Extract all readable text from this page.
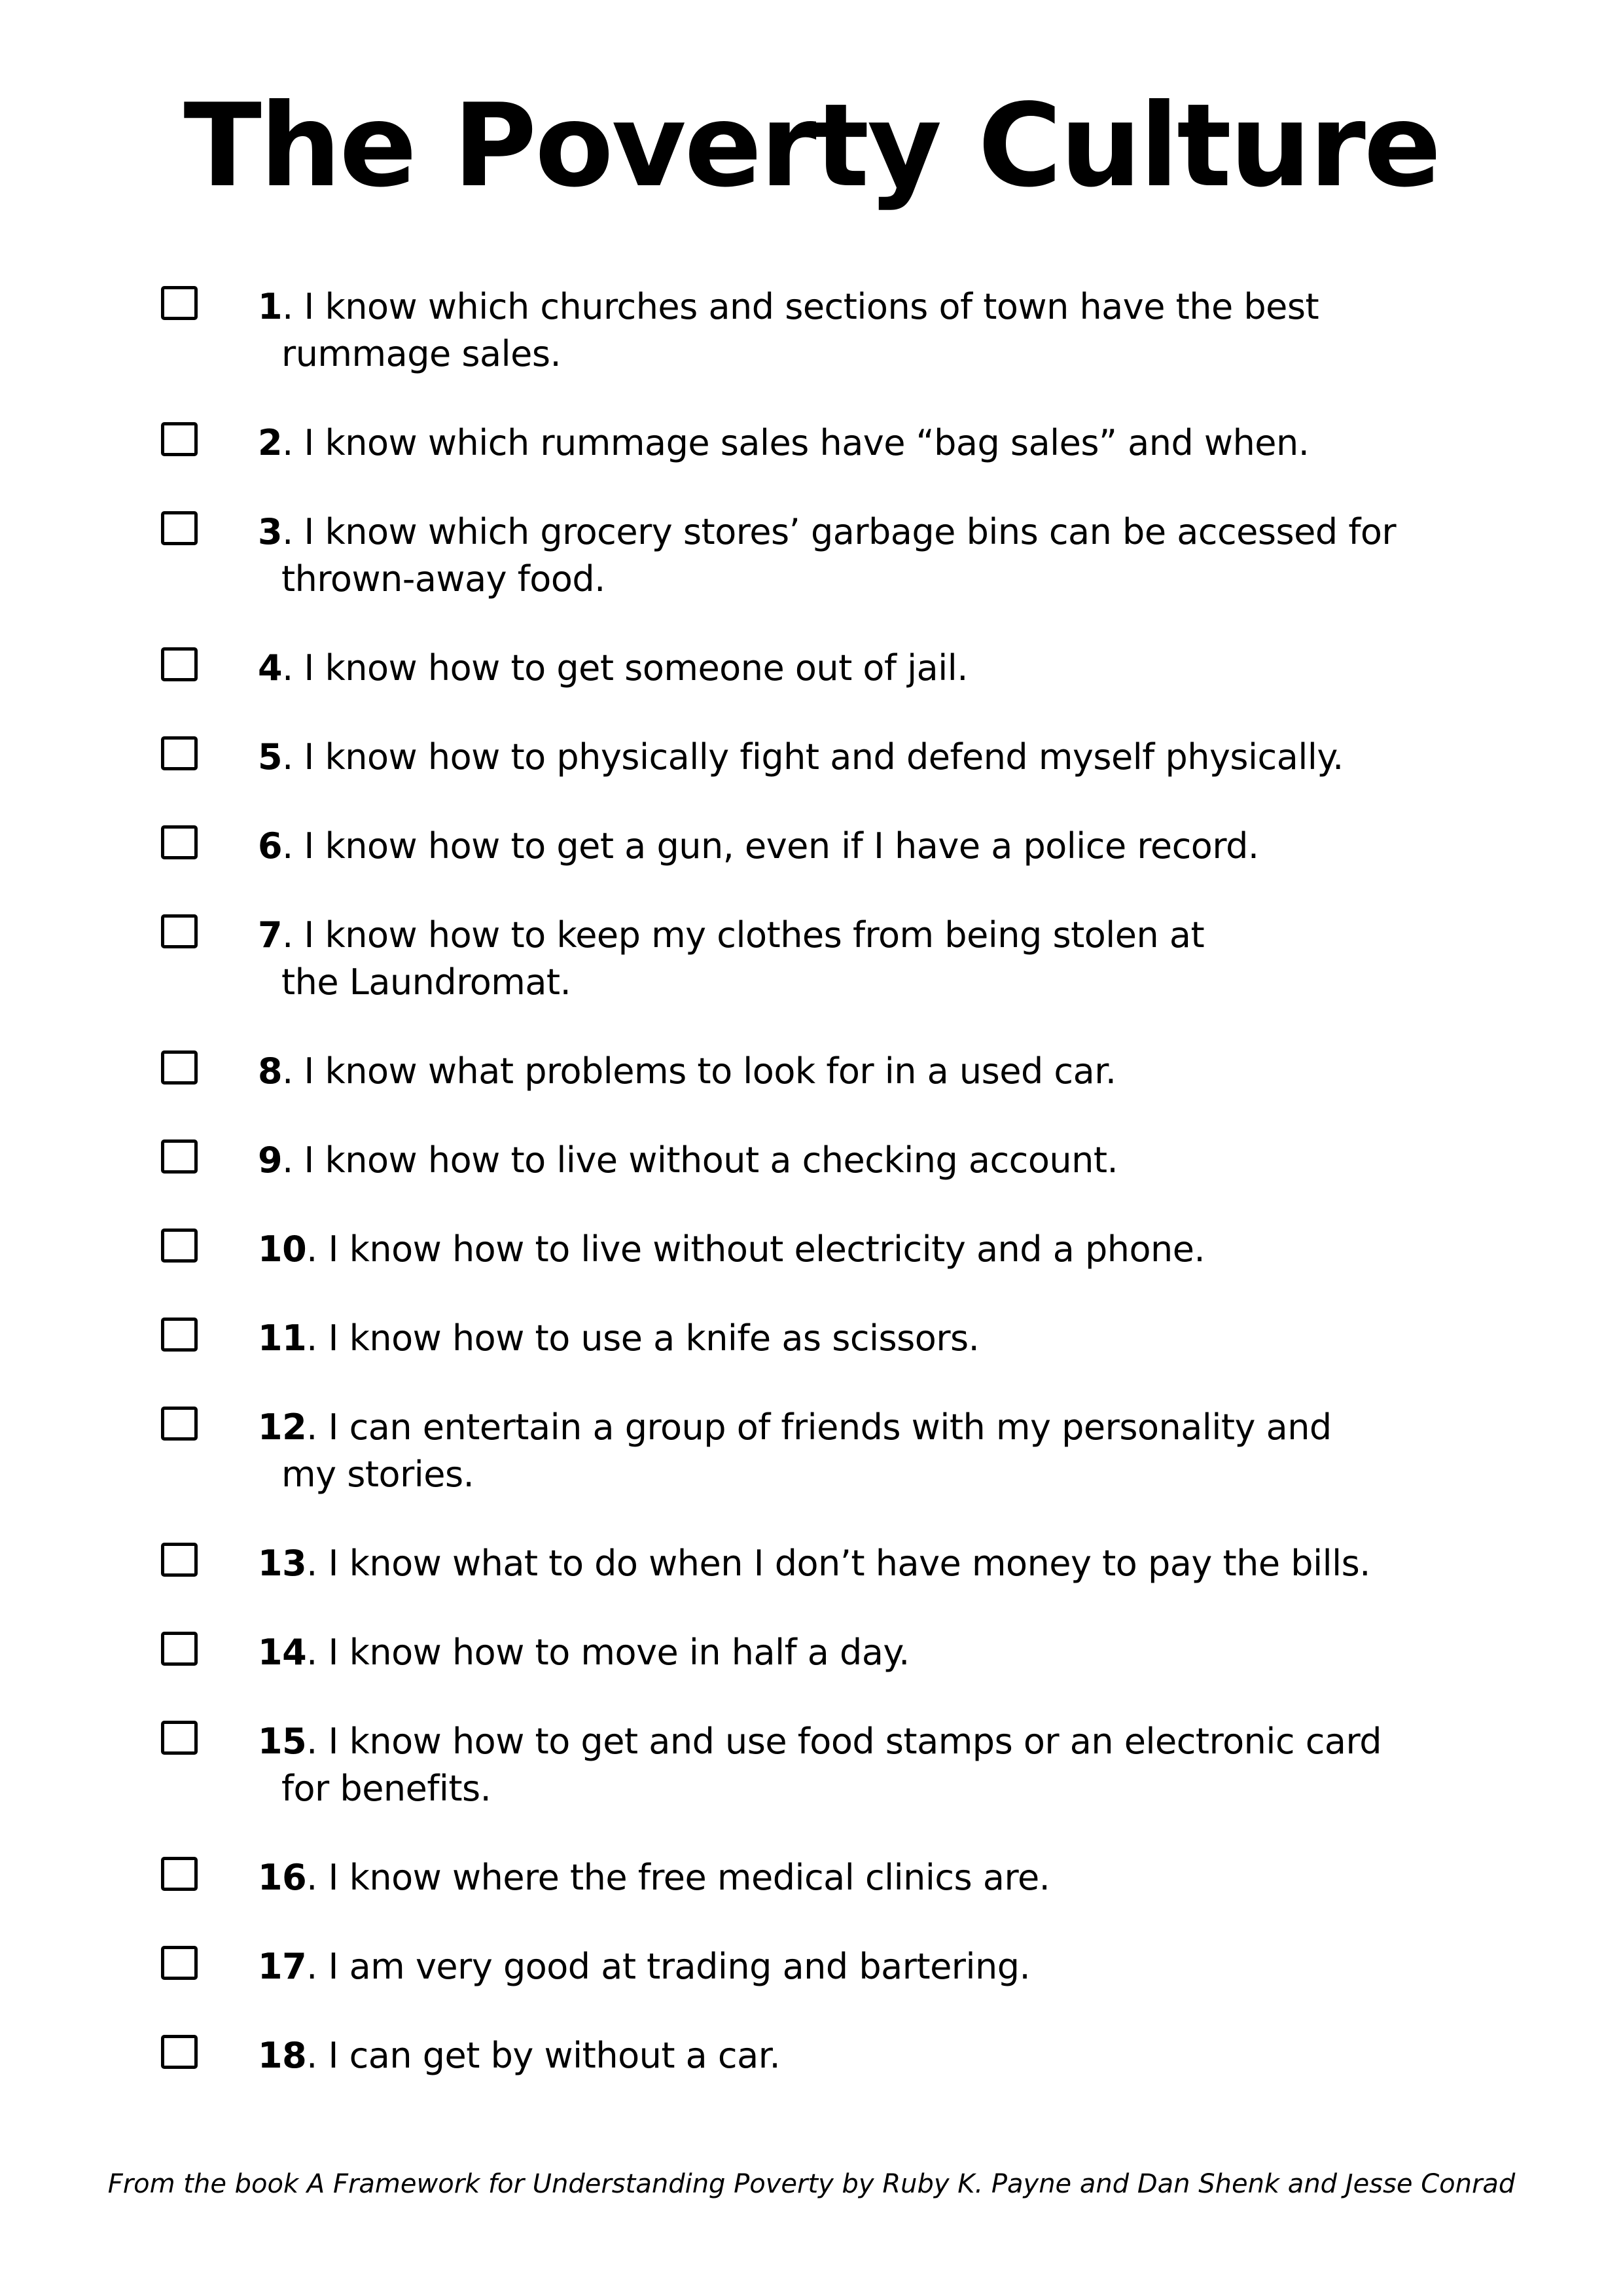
The Poverty Culture

1. I know which churches and sections of town have the best
rummage sales.

2. I know which rummage sales have “bag sales” and when.

3. I know which grocery stores’ garbage bins can be accessed for
thrown-away food.

4. I know how to get someone out of jail.

5. I know how to physically fight and defend myself physically.

6. I know how to get a gun, even if I have a police record.

7. I know how to keep my clothes from being stolen at
the Laundromat.

8. I know what problems to look for in a used car.

9. I know how to live without a checking account.

10. I know how to live without electricity and a phone.

11. I know how to use a knife as scissors.

12. I can entertain a group of friends with my personality and
my stories.

13. I know what to do when I don’t have money to pay the bills.

14. I know how to move in half a day.

15. I know how to get and use food stamps or an electronic card
for benefits.

16. I know where the free medical clinics are.

17. I am very good at trading and bartering.

18. I can get by without a car.

From the book A Framework for Understanding Poverty by Ruby K. Payne and Dan Shenk and Jesse Conrad
